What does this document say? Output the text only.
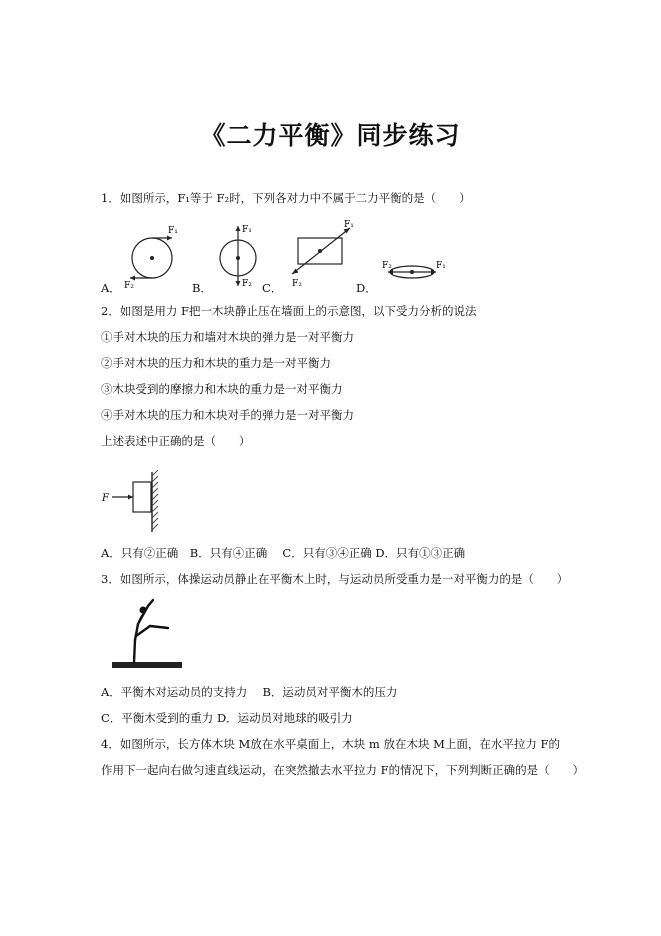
《二力平衡》同步练习
1．如图所示，F₁等于 F₂时，下列各对力中不属于二力平衡的是（　　）
F₁
F₂
F₁
F₂
F₁
F₂
F₂	F₁
A．	B．	C．	D．
2．如图是用力 F把一木块静止压在墙面上的示意图，以下受力分析的说法
①手对木块的压力和墙对木块的弹力是一对平衡力
②手对木块的压力和木块的重力是一对平衡力
③木块受到的摩擦力和木块的重力是一对平衡力
④手对木块的压力和木块对手的弹力是一对平衡力
上述表述中正确的是（　　）
F
A．只有②正确　B．只有④正确　 C．只有③④正确 D．只有①③正确
3．如图所示，体操运动员静止在平衡木上时，与运动员所受重力是一对平衡力的是（　　）
A．平衡木对运动员的支持力　 B．运动员对平衡木的压力
C．平衡木受到的重力 D．运动员对地球的吸引力
4．如图所示，长方体木块 M放在水平桌面上，木块 m 放在木块 M上面，在水平拉力 F的
作用下一起向右做匀速直线运动，在突然撤去水平拉力 F的情况下，下列判断正确的是（　　）
